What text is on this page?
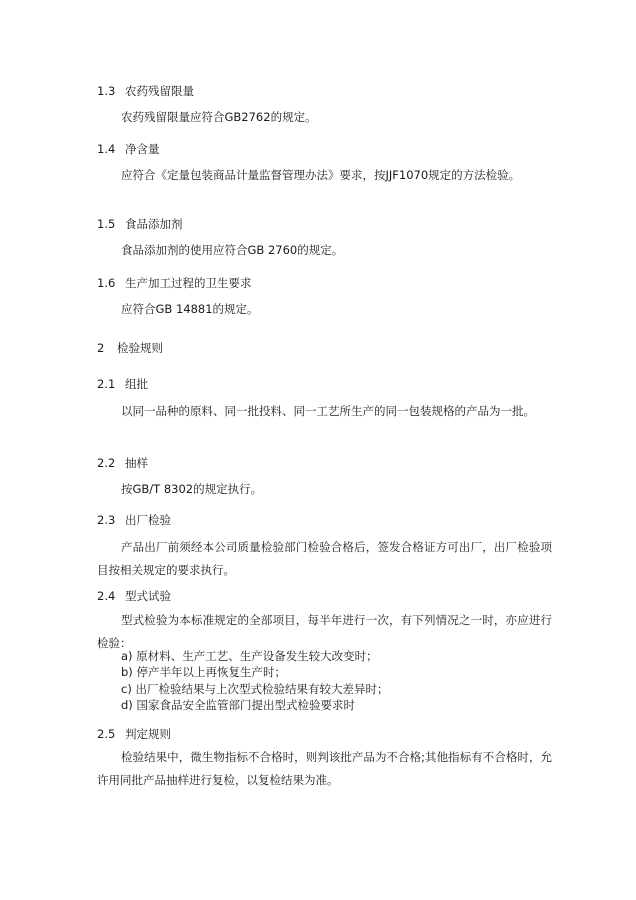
1.3 农药残留限量
农药残留限量应符合GB2762的规定。
1.4 净含量
应符合《定量包装商品计量监督管理办法》要求，按JJF1070规定的方法检验。
1.5 食品添加剂
食品添加剂的使用应符合GB 2760的规定。
1.6 生产加工过程的卫生要求
应符合GB 14881的规定。
2 检验规则
2.1 组批
以同一品种的原料、同一批投料、同一工艺所生产的同一包装规格的产品为一批。
2.2 抽样
按GB/T 8302的规定执行。
2.3 出厂检验
产品出厂前须经本公司质量检验部门检验合格后，签发合格证方可出厂，出厂检验项目按相关规定的要求执行。
2.4 型式试验
型式检验为本标准规定的全部项目，每半年进行一次，有下列情况之一时，亦应进行检验：
a) 原材料、生产工艺、生产设备发生较大改变时；
b) 停产半年以上再恢复生产时；
c) 出厂检验结果与上次型式检验结果有较大差异时；
d) 国家食品安全监管部门提出型式检验要求时
2.5 判定规则
检验结果中，微生物指标不合格时，则判该批产品为不合格;其他指标有不合格时，允许用同批产品抽样进行复检，以复检结果为准。
